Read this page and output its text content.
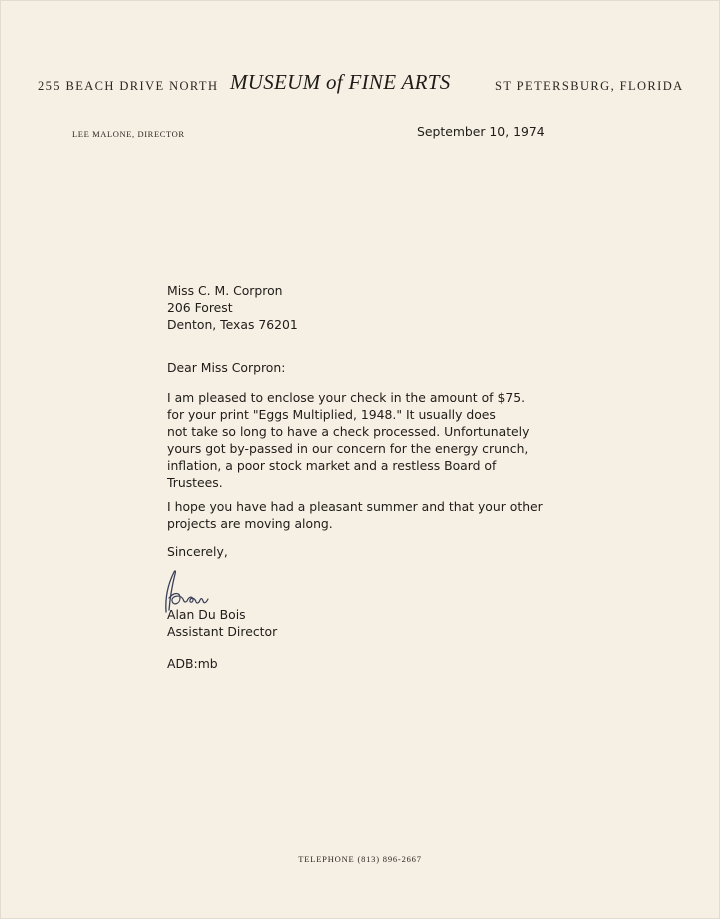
255 BEACH DRIVE NORTH MUSEUM of FINE ARTS	ST PETERSBURG, FLORIDA
LEE MALONE, DIRECTOR	September 10, 1974
Miss C. M. Corpron
206 Forest
Denton, Texas 76201
Dear Miss Corpron:
I am pleased to enclose your check in the amount of $75.
for your print "Eggs Multiplied, 1948." It usually does
not take so long to have a check processed. Unfortunately
yours got by-passed in our concern for the energy crunch,
inflation, a poor stock market and a restless Board of
Trustees.
I hope you have had a pleasant summer and that your other
projects are moving along.
Sincerely,
Alan Du Bois
Assistant Director
ADB:mb
TELEPHONE (813) 896-2667
